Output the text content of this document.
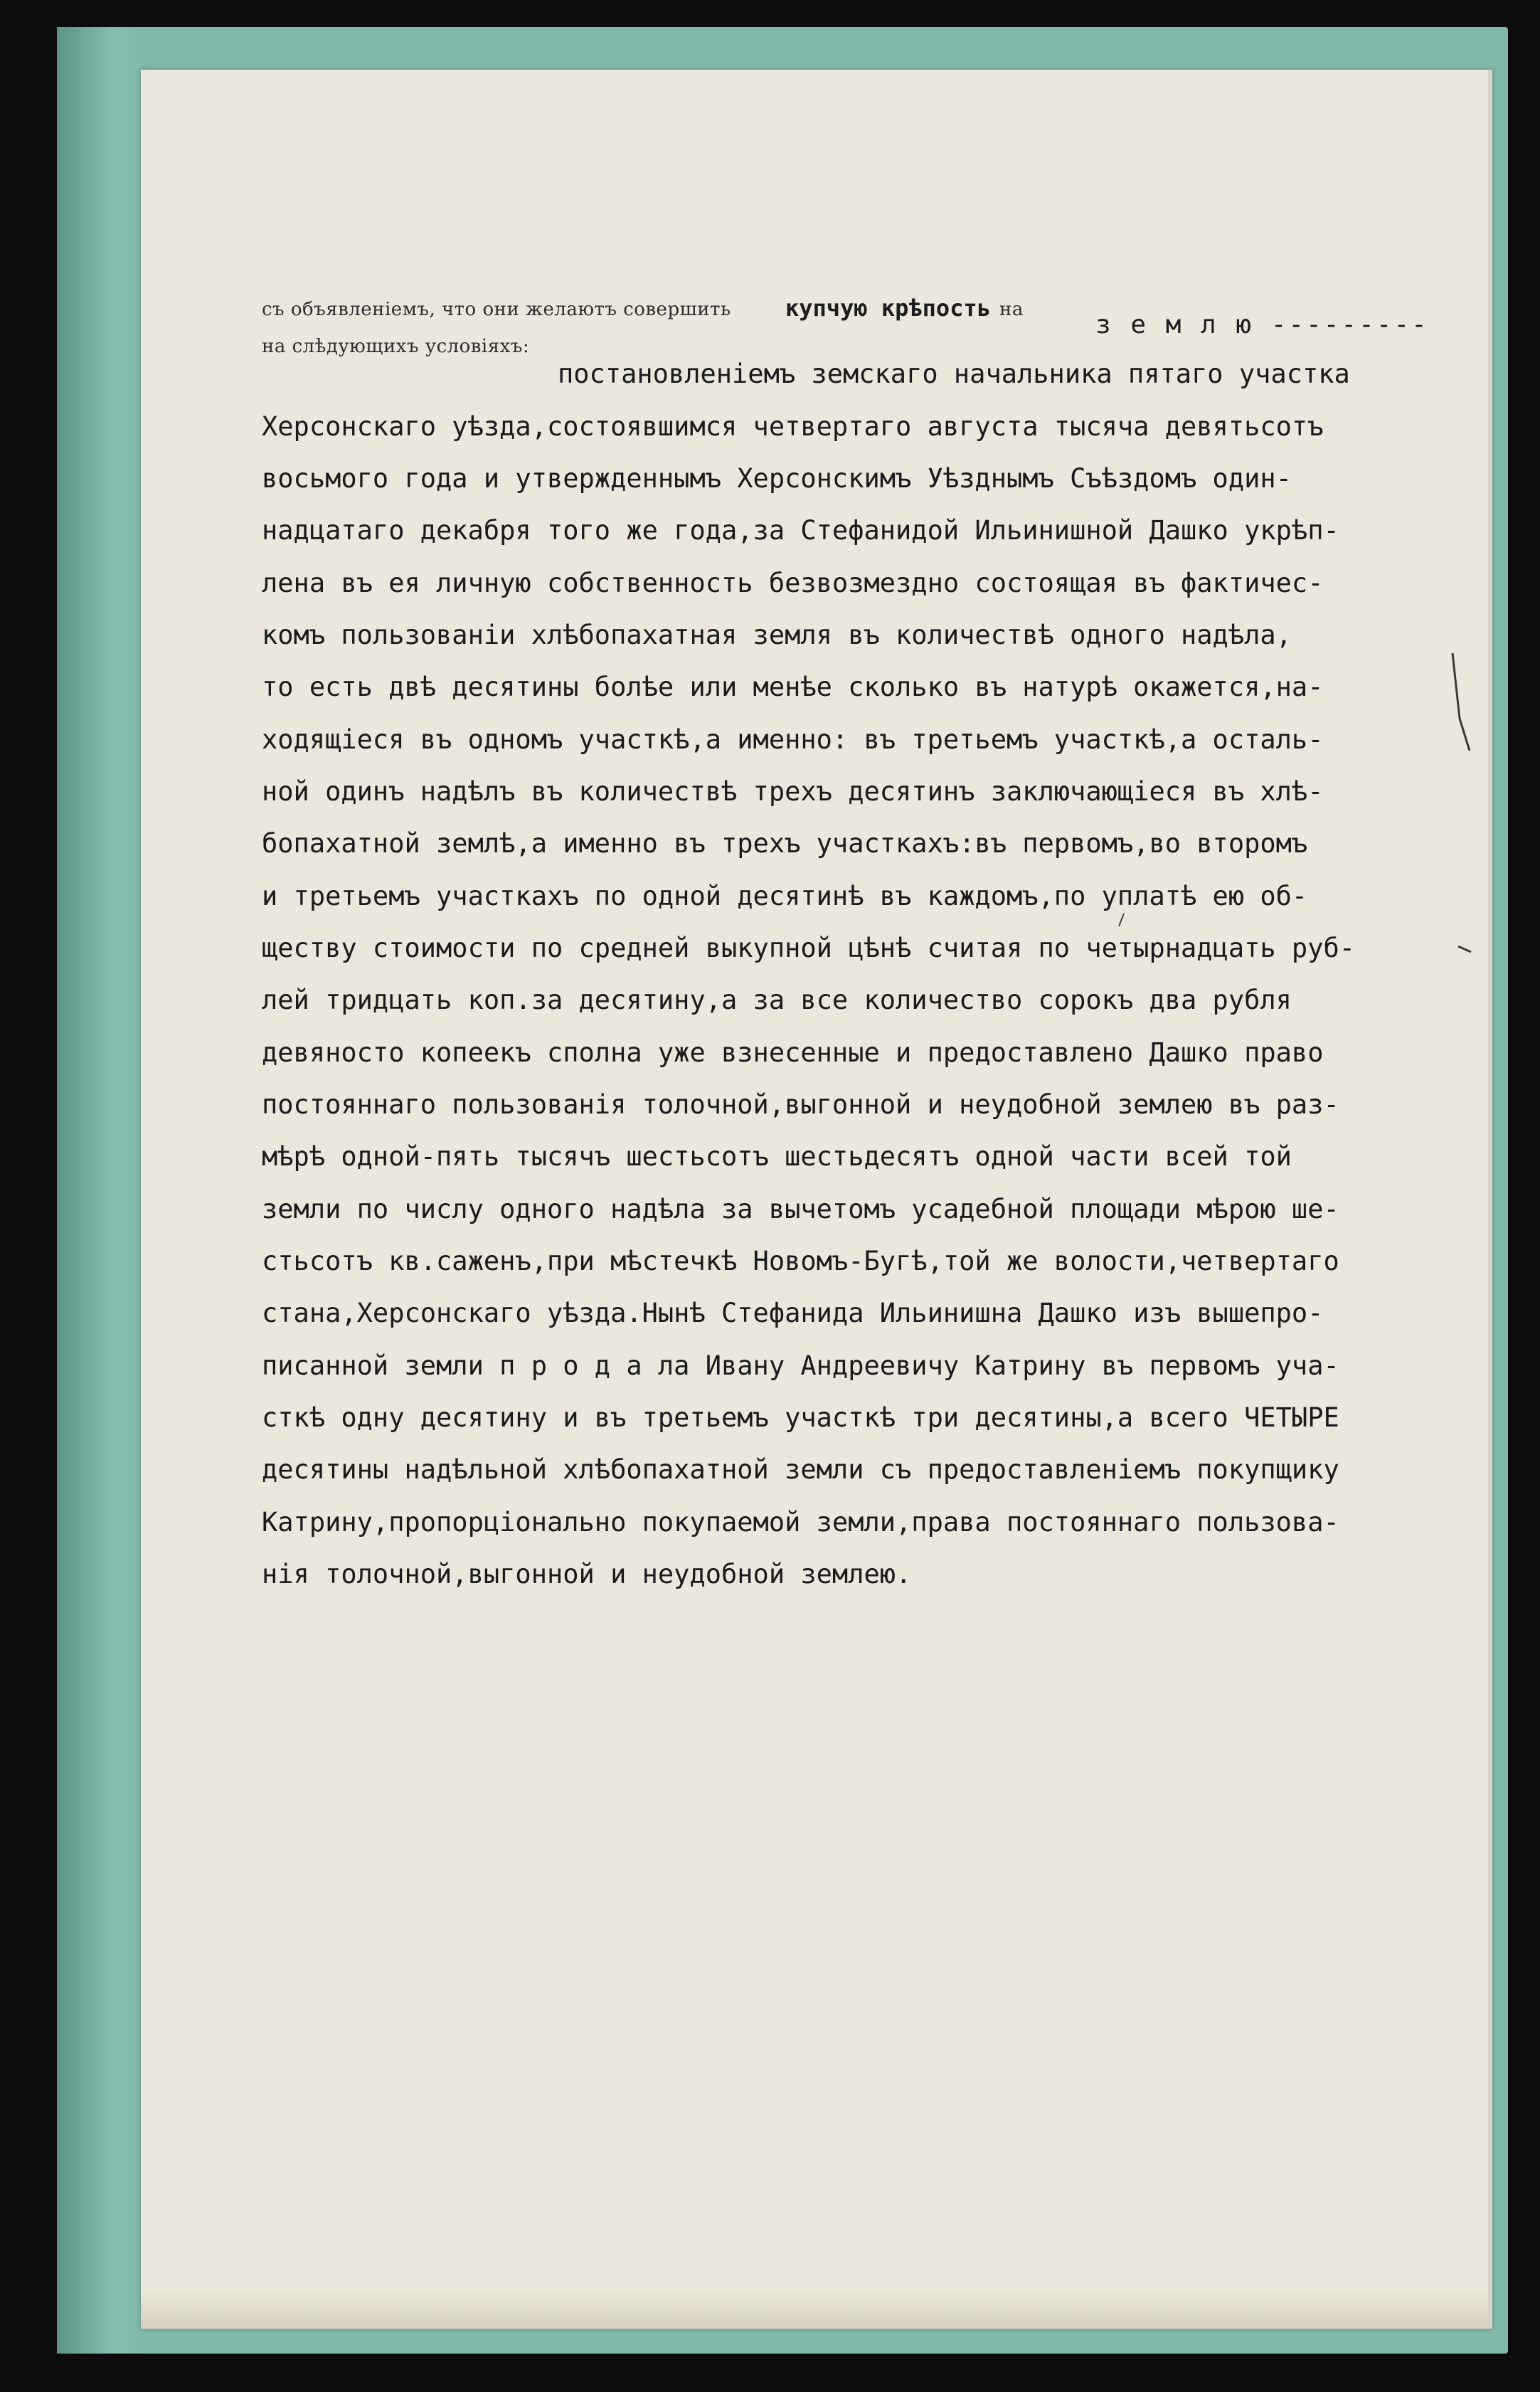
съ объявленіемъ, что они желаютъ совершить купчую крѣпость на
з е м л ю ---------
на слѣдующихъ условіяхъ:
постановленіемъ земскаго начальника пятаго участка
Херсонскаго уѣзда,состоявшимся четвертаго августа тысяча девятьсотъ
восьмого года и утвержденнымъ Херсонскимъ Уѣзднымъ Съѣздомъ один-
надцатаго декабря того же года,за Стефанидой Ильинишной Дашко укрѣп-
лена въ ея личную собственность безвозмездно состоящая въ фактичес-
комъ пользованіи хлѣбопахатная земля въ количествѣ одного надѣла,
то есть двѣ десятины болѣе или менѣе сколько въ натурѣ окажется,на-
ходящіеся въ одномъ участкѣ,а именно: въ третьемъ участкѣ,а осталь-
ной одинъ надѣлъ въ количествѣ трехъ десятинъ заключающіеся въ хлѣ-
бопахатной землѣ,а именно въ трехъ участкахъ:въ первомъ,во второмъ
и третьемъ участкахъ по одной десятинѣ въ каждомъ,по уплатѣ ею об-
ществу стоимости по средней выкупной цѣнѣ считая по четырнадцать руб-
лей тридцать коп.за десятину,а за все количество сорокъ два рубля
девяносто копеекъ сполна уже взнесенные и предоставлено Дашко право
постояннаго пользованія толочной,выгонной и неудобной землею въ раз-
мѣрѣ одной-пять тысячъ шестьсотъ шестьдесятъ одной части всей той
земли по числу одного надѣла за вычетомъ усадебной площади мѣрою ше-
стьсотъ кв.саженъ,при мѣстечкѣ Новомъ-Бугѣ,той же волости,четвертаго
стана,Херсонскаго уѣзда.Нынѣ Стефанида Ильинишна Дашко изъ вышепро-
писанной земли п р о д а ла Ивану Андреевичу Катрину въ первомъ уча-
сткѣ одну десятину и въ третьемъ участкѣ три десятины,а всего ЧЕТЫРЕ
десятины надѣльной хлѣбопахатной земли съ предоставленіемъ покупщику
Катрину,пропорціонально покупаемой земли,права постояннаго пользова-
нія толочной,выгонной и неудобной землею.
